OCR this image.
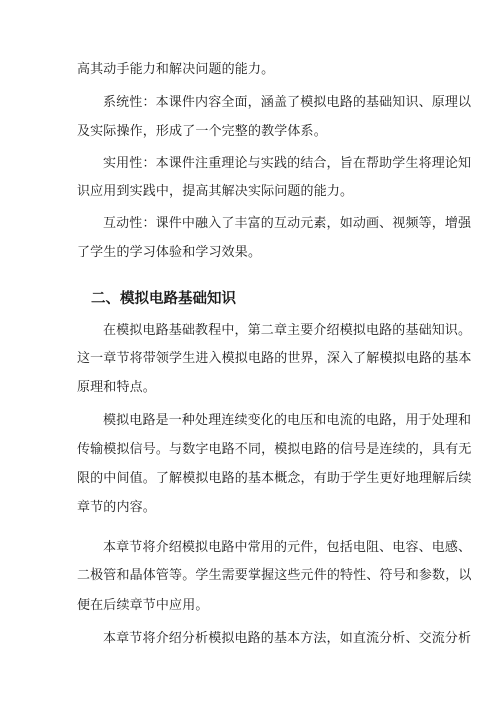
高其动手能力和解决问题的能力。
系统性：本课件内容全面，涵盖了模拟电路的基础知识、原理以
及实际操作，形成了一个完整的教学体系。
实用性：本课件注重理论与实践的结合，旨在帮助学生将理论知
识应用到实践中，提高其解决实际问题的能力。
互动性：课件中融入了丰富的互动元素，如动画、视频等，增强
了学生的学习体验和学习效果。
二、模拟电路基础知识
在模拟电路基础教程中，第二章主要介绍模拟电路的基础知识。
这一章节将带领学生进入模拟电路的世界，深入了解模拟电路的基本
原理和特点。
模拟电路是一种处理连续变化的电压和电流的电路，用于处理和
传输模拟信号。与数字电路不同，模拟电路的信号是连续的，具有无
限的中间值。了解模拟电路的基本概念，有助于学生更好地理解后续
章节的内容。
本章节将介绍模拟电路中常用的元件，包括电阻、电容、电感、
二极管和晶体管等。学生需要掌握这些元件的特性、符号和参数，以
便在后续章节中应用。
本章节将介绍分析模拟电路的基本方法，如直流分析、交流分析
